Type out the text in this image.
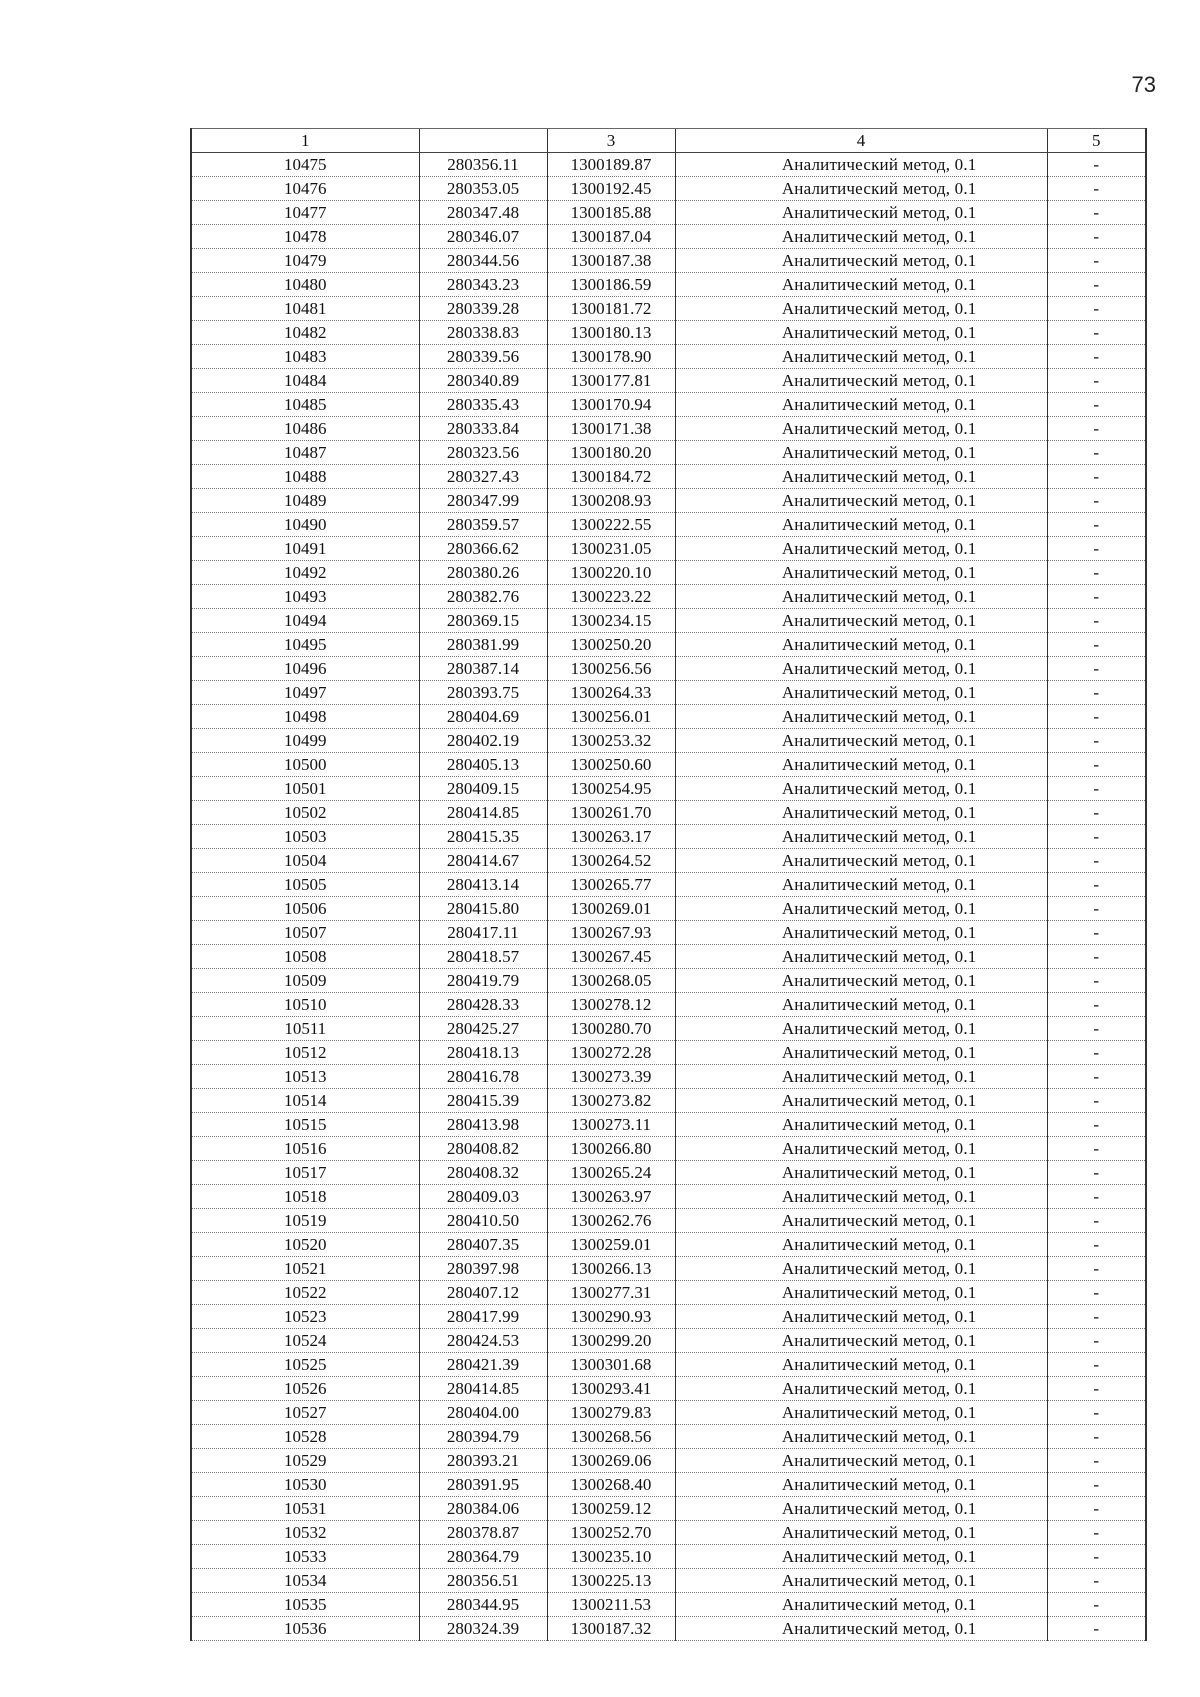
73
1		3	4	5
10475	280356.11	1300189.87	Аналитический метод, 0.1	-
10476	280353.05	1300192.45	Аналитический метод, 0.1	-
10477	280347.48	1300185.88	Аналитический метод, 0.1	-
10478	280346.07	1300187.04	Аналитический метод, 0.1	-
10479	280344.56	1300187.38	Аналитический метод, 0.1	-
10480	280343.23	1300186.59	Аналитический метод, 0.1	-
10481	280339.28	1300181.72	Аналитический метод, 0.1	-
10482	280338.83	1300180.13	Аналитический метод, 0.1	-
10483	280339.56	1300178.90	Аналитический метод, 0.1	-
10484	280340.89	1300177.81	Аналитический метод, 0.1	-
10485	280335.43	1300170.94	Аналитический метод, 0.1	-
10486	280333.84	1300171.38	Аналитический метод, 0.1	-
10487	280323.56	1300180.20	Аналитический метод, 0.1	-
10488	280327.43	1300184.72	Аналитический метод, 0.1	-
10489	280347.99	1300208.93	Аналитический метод, 0.1	-
10490	280359.57	1300222.55	Аналитический метод, 0.1	-
10491	280366.62	1300231.05	Аналитический метод, 0.1	-
10492	280380.26	1300220.10	Аналитический метод, 0.1	-
10493	280382.76	1300223.22	Аналитический метод, 0.1	-
10494	280369.15	1300234.15	Аналитический метод, 0.1	-
10495	280381.99	1300250.20	Аналитический метод, 0.1	-
10496	280387.14	1300256.56	Аналитический метод, 0.1	-
10497	280393.75	1300264.33	Аналитический метод, 0.1	-
10498	280404.69	1300256.01	Аналитический метод, 0.1	-
10499	280402.19	1300253.32	Аналитический метод, 0.1	-
10500	280405.13	1300250.60	Аналитический метод, 0.1	-
10501	280409.15	1300254.95	Аналитический метод, 0.1	-
10502	280414.85	1300261.70	Аналитический метод, 0.1	-
10503	280415.35	1300263.17	Аналитический метод, 0.1	-
10504	280414.67	1300264.52	Аналитический метод, 0.1	-
10505	280413.14	1300265.77	Аналитический метод, 0.1	-
10506	280415.80	1300269.01	Аналитический метод, 0.1	-
10507	280417.11	1300267.93	Аналитический метод, 0.1	-
10508	280418.57	1300267.45	Аналитический метод, 0.1	-
10509	280419.79	1300268.05	Аналитический метод, 0.1	-
10510	280428.33	1300278.12	Аналитический метод, 0.1	-
10511	280425.27	1300280.70	Аналитический метод, 0.1	-
10512	280418.13	1300272.28	Аналитический метод, 0.1	-
10513	280416.78	1300273.39	Аналитический метод, 0.1	-
10514	280415.39	1300273.82	Аналитический метод, 0.1	-
10515	280413.98	1300273.11	Аналитический метод, 0.1	-
10516	280408.82	1300266.80	Аналитический метод, 0.1	-
10517	280408.32	1300265.24	Аналитический метод, 0.1	-
10518	280409.03	1300263.97	Аналитический метод, 0.1	-
10519	280410.50	1300262.76	Аналитический метод, 0.1	-
10520	280407.35	1300259.01	Аналитический метод, 0.1	-
10521	280397.98	1300266.13	Аналитический метод, 0.1	-
10522	280407.12	1300277.31	Аналитический метод, 0.1	-
10523	280417.99	1300290.93	Аналитический метод, 0.1	-
10524	280424.53	1300299.20	Аналитический метод, 0.1	-
10525	280421.39	1300301.68	Аналитический метод, 0.1	-
10526	280414.85	1300293.41	Аналитический метод, 0.1	-
10527	280404.00	1300279.83	Аналитический метод, 0.1	-
10528	280394.79	1300268.56	Аналитический метод, 0.1	-
10529	280393.21	1300269.06	Аналитический метод, 0.1	-
10530	280391.95	1300268.40	Аналитический метод, 0.1	-
10531	280384.06	1300259.12	Аналитический метод, 0.1	-
10532	280378.87	1300252.70	Аналитический метод, 0.1	-
10533	280364.79	1300235.10	Аналитический метод, 0.1	-
10534	280356.51	1300225.13	Аналитический метод, 0.1	-
10535	280344.95	1300211.53	Аналитический метод, 0.1	-
10536	280324.39	1300187.32	Аналитический метод, 0.1	-
